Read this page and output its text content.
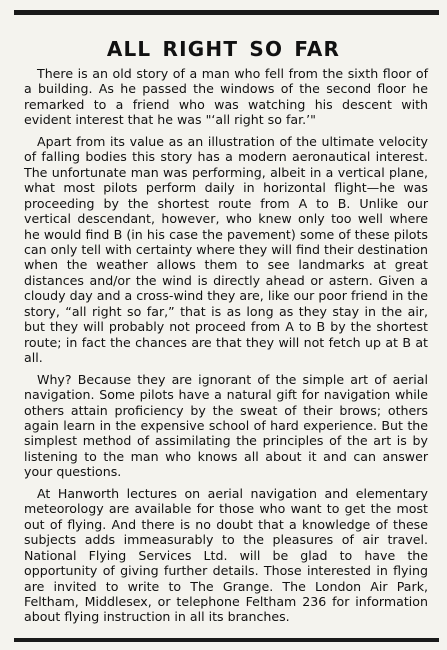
ALL RIGHT SO FAR

There is an old story of a man who fell from the sixth floor of a building. As he passed the windows of the second floor he remarked to a friend who was watching his descent with evident interest that he was "‘all right so far.’"

Apart from its value as an illustration of the ultimate velocity of falling bodies this story has a modern aeronautical interest. The unfortunate man was performing, albeit in a vertical plane, what most pilots perform daily in horizontal flight—he was proceeding by the shortest route from A to B. Unlike our vertical descendant, however, who knew only too well where he would find B (in his case the pavement) some of these pilots can only tell with certainty where they will find their destination when the weather allows them to see landmarks at great distances and/or the wind is directly ahead or astern. Given a cloudy day and a cross-wind they are, like our poor friend in the story, “all right so far,” that is as long as they stay in the air, but they will probably not proceed from A to B by the shortest route; in fact the chances are that they will not fetch up at B at all.

Why? Because they are ignorant of the simple art of aerial navigation. Some pilots have a natural gift for navigation while others attain proficiency by the sweat of their brows; others again learn in the expensive school of hard experience. But the simplest method of assimilating the principles of the art is by listening to the man who knows all about it and can answer your questions.

At Hanworth lectures on aerial navigation and elementary meteorology are available for those who want to get the most out of flying. And there is no doubt that a knowledge of these subjects adds immeasurably to the pleasures of air travel. National Flying Services Ltd. will be glad to have the opportunity of giving further details. Those interested in flying are invited to write to The Grange. The London Air Park, Feltham, Middlesex, or telephone Feltham 236 for information about flying instruction in all its branches.
